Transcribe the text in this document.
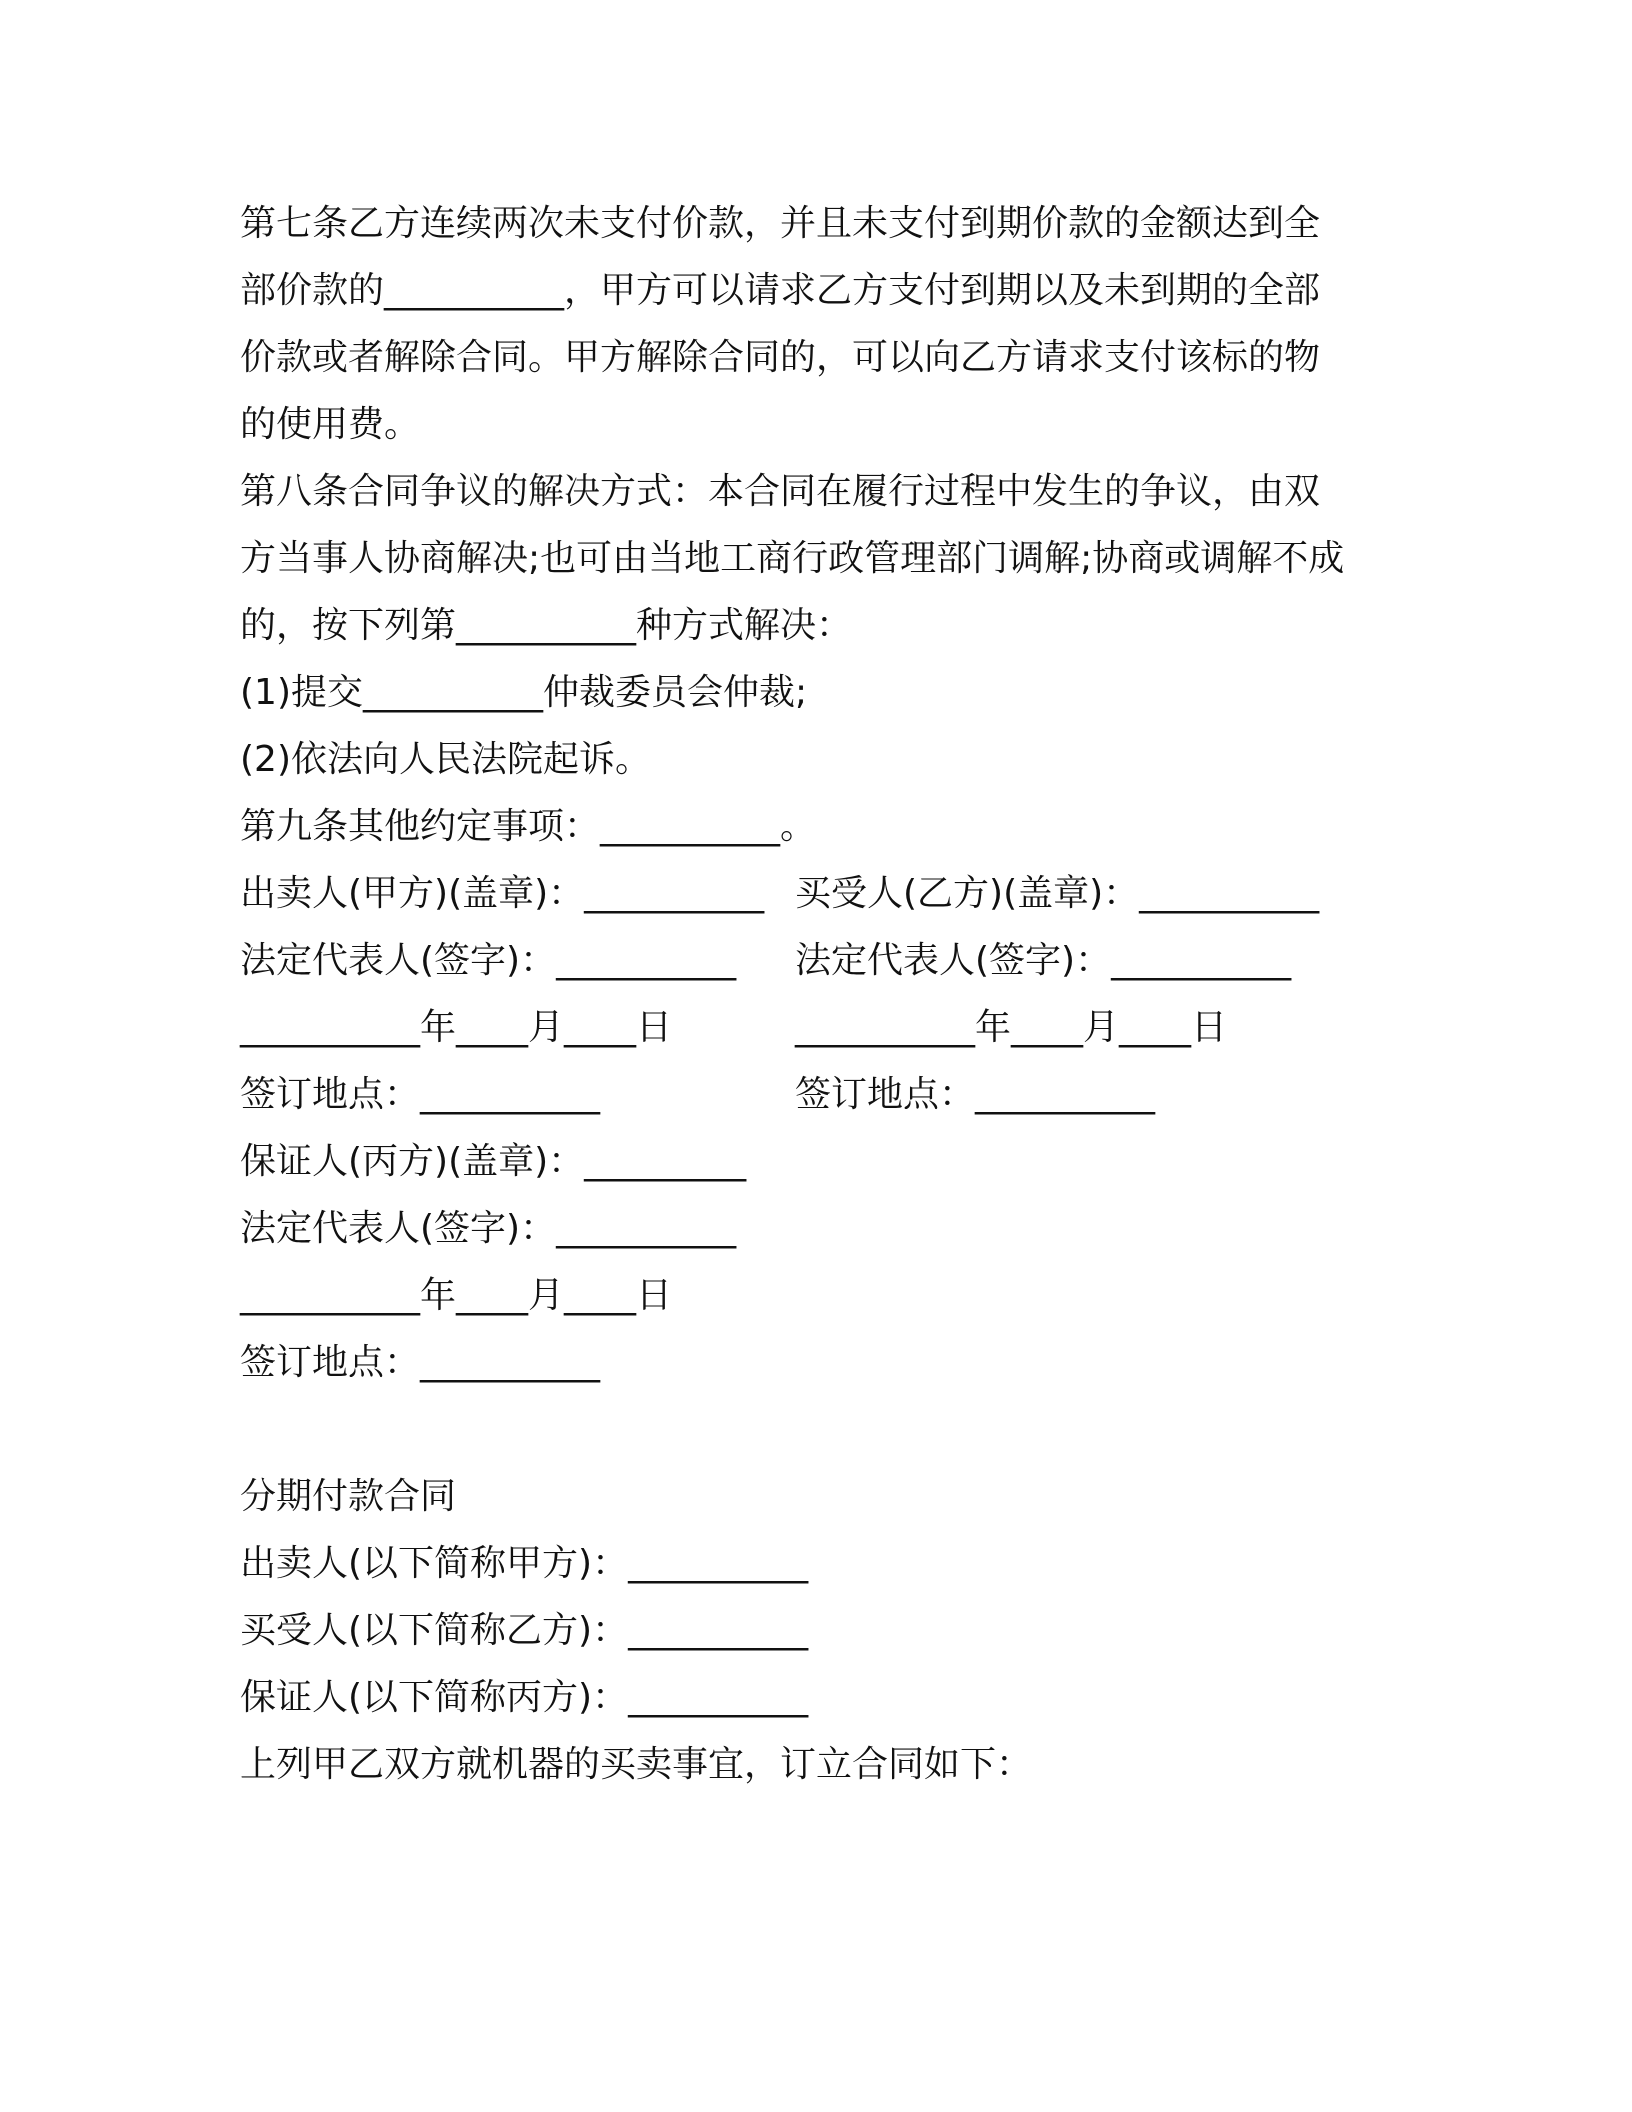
第七条乙方连续两次未支付价款，并且未支付到期价款的金额达到全
部价款的__________，甲方可以请求乙方支付到期以及未到期的全部
价款或者解除合同。甲方解除合同的，可以向乙方请求支付该标的物
的使用费。
第八条合同争议的解决方式：本合同在履行过程中发生的争议，由双
方当事人协商解决;也可由当地工商行政管理部门调解;协商或调解不成
的，按下列第__________种方式解决：
(1)提交__________仲裁委员会仲裁;
(2)依法向人民法院起诉。
第九条其他约定事项：__________。
出卖人(甲方)(盖章)：__________ 买受人(乙方)(盖章)：__________
法定代表人(签字)：__________ 法定代表人(签字)：__________
__________年____月____日	__________年____月____日
签订地点：__________	签订地点：__________
保证人(丙方)(盖章)：_________
法定代表人(签字)：__________
__________年____月____日
签订地点：__________
分期付款合同
出卖人(以下简称甲方)：__________
买受人(以下简称乙方)：__________
保证人(以下简称丙方)：__________
上列甲乙双方就机器的买卖事宜，订立合同如下：
